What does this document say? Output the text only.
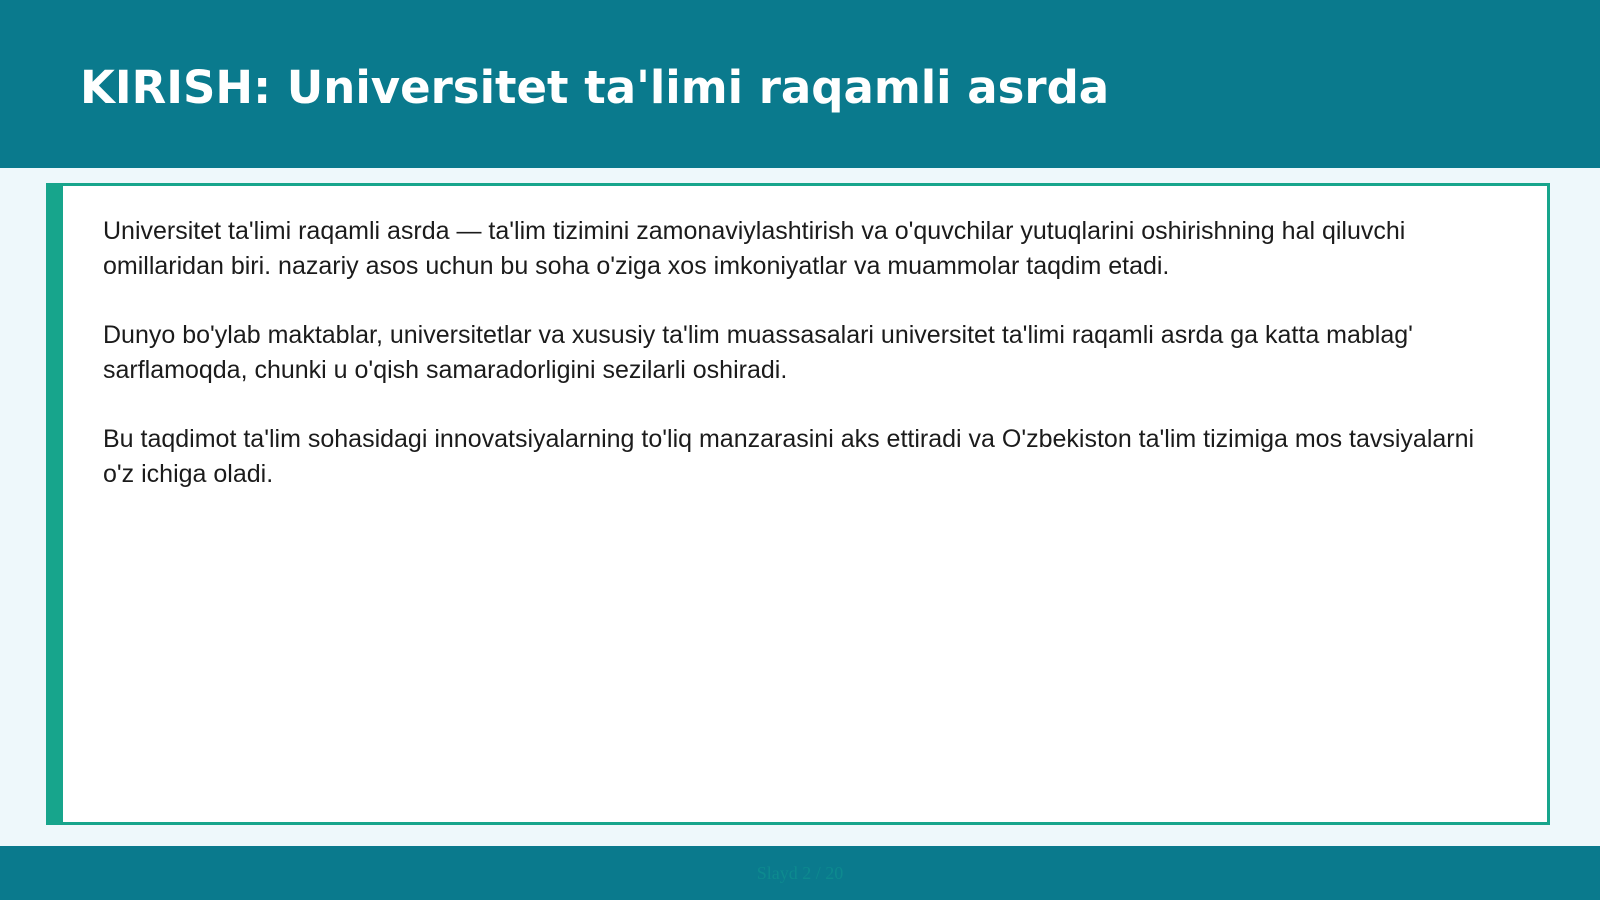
KIRISH: Universitet ta'limi raqamli asrda

Universitet ta'limi raqamli asrda — ta'lim tizimini zamonaviylashtirish va o'quvchilar yutuqlarini oshirishning hal qiluvchi omillaridan biri. nazariy asos uchun bu soha o'ziga xos imkoniyatlar va muammolar taqdim etadi.

Dunyo bo'ylab maktablar, universitetlar va xususiy ta'lim muassasalari universitet ta'limi raqamli asrda ga katta mablag' sarflamoqda, chunki u o'qish samaradorligini sezilarli oshiradi.

Bu taqdimot ta'lim sohasidagi innovatsiyalarning to'liq manzarasini aks ettiradi va O'zbekiston ta'lim tizimiga mos tavsiyalarni o'z ichiga oladi.

Slayd 2 / 20
